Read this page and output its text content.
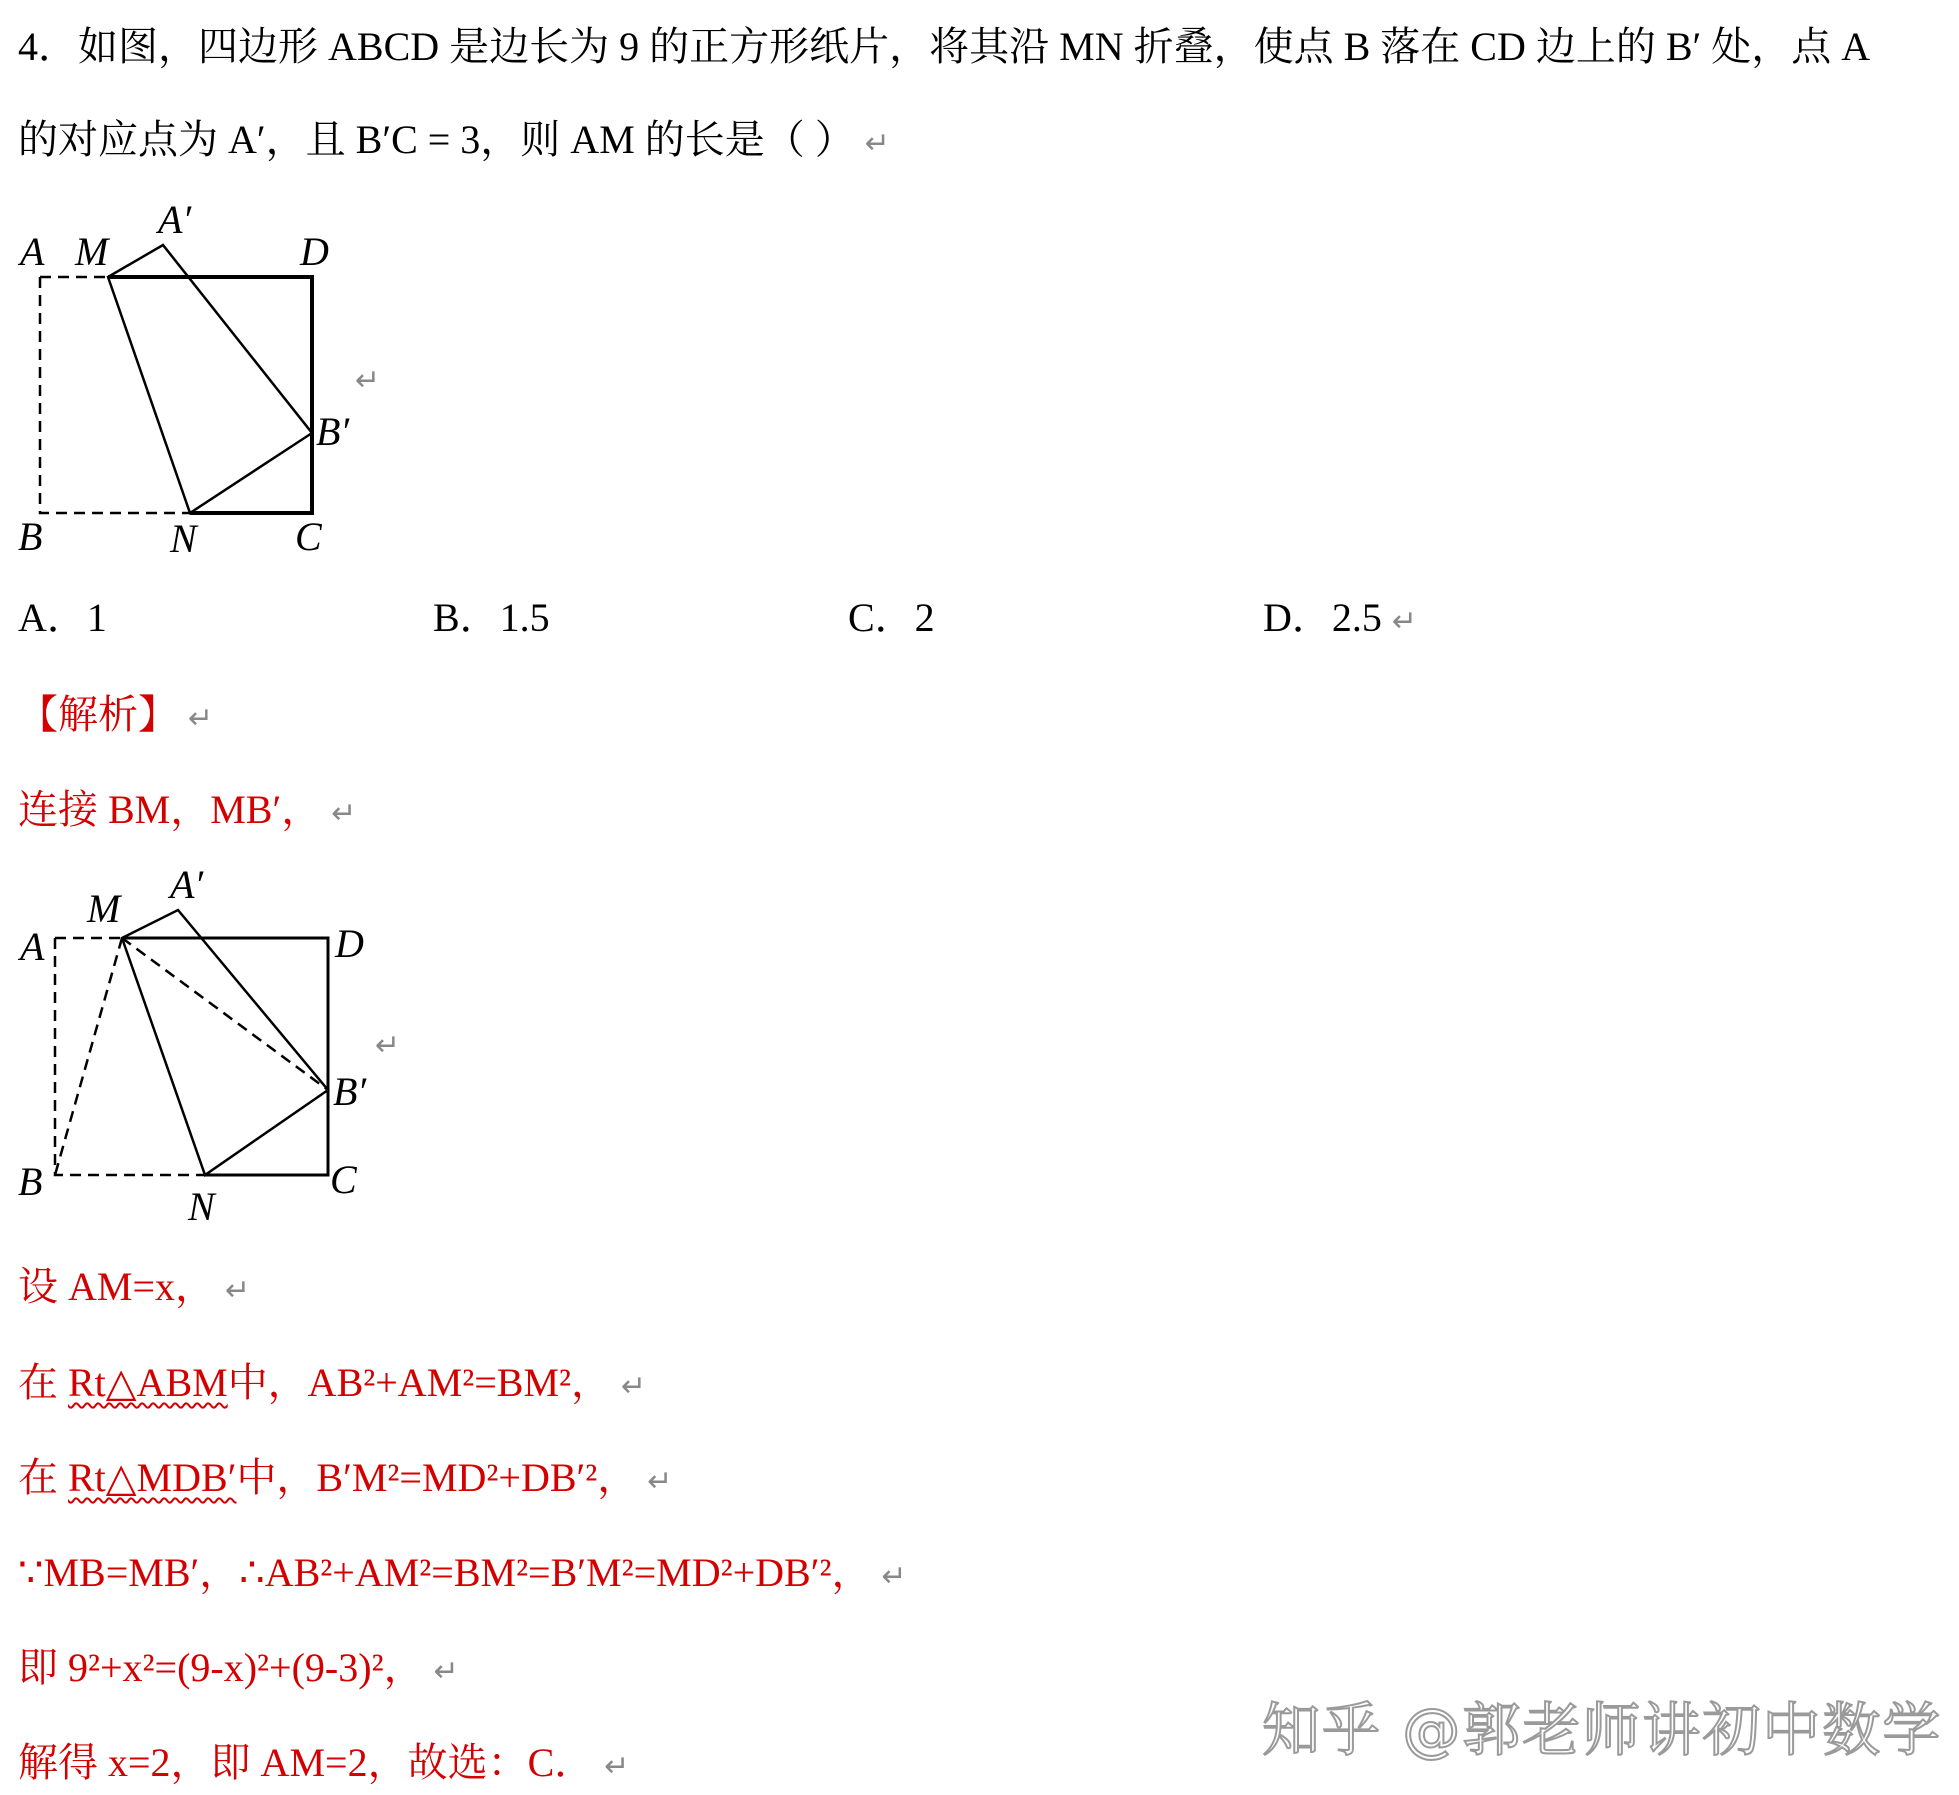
4．如图，四边形 ABCD 是边长为 9 的正方形纸片，将其沿 MN 折叠，使点 B 落在 CD 边上的 B′ 处，点 A
的对应点为 A′，且 B′C = 3，则 AM 的长是（ ） ↵
A M
A′
D
B′
B	N C
↵
A．1	B．1.5	C．2	D．2.5 ↵
【解析】 ↵
连接 BM，MB′， ↵
M
A′
A	D
B′
B	C
N
↵
设 AM=x， ↵
在 Rt△ABM中，AB²+AM²=BM²， ↵
在 Rt△MDB′中，B′M²=MD²+DB′²， ↵
∵MB=MB′，∴AB²+AM²=BM²=B′M²=MD²+DB′²， ↵
即 9²+x²=(9-x)²+(9-3)²， ↵
解得 x=2，即 AM=2，故选：C． ↵
知乎 @郭老师讲初中数学
